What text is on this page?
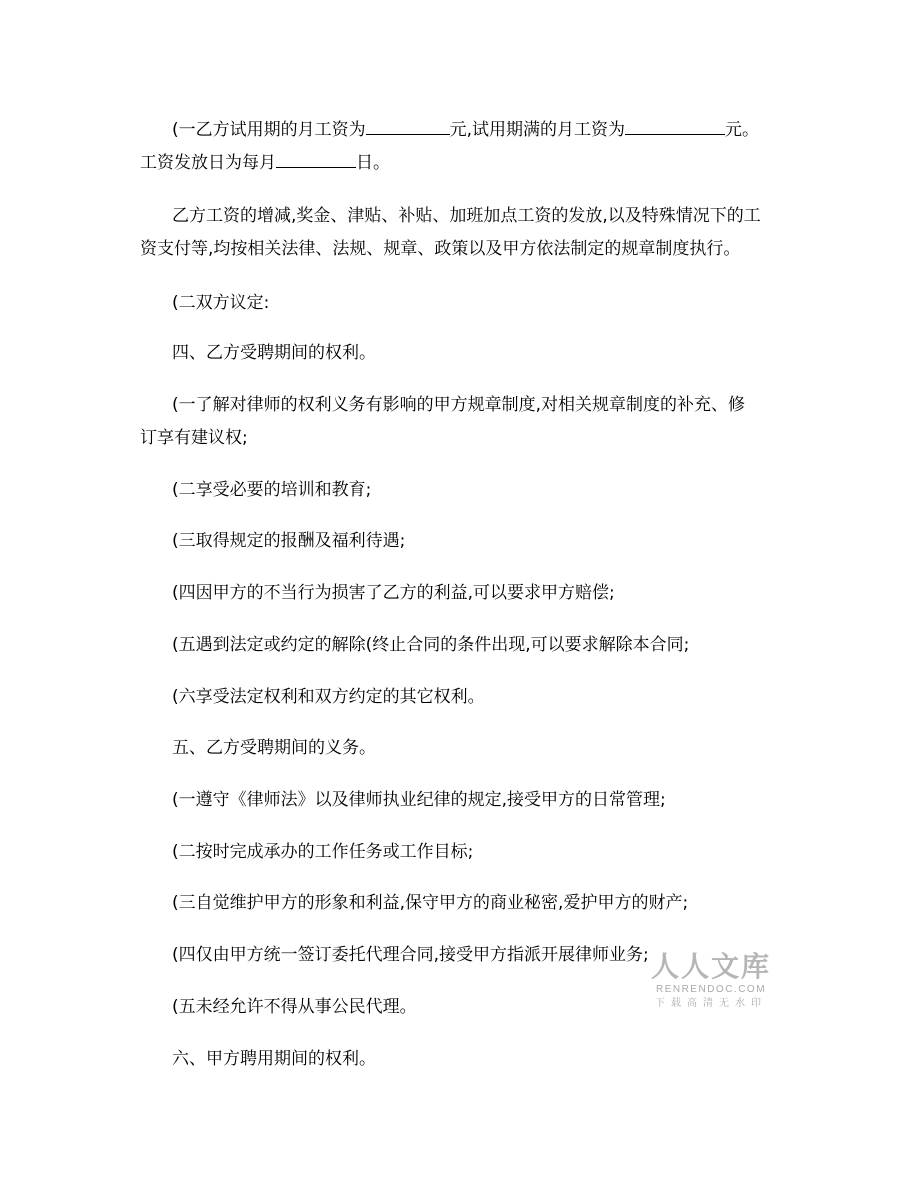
(一乙方试用期的月工资为	元,试用期满的月工资为	元。
工资发放日为每月	日。
乙方工资的增减,奖金、津贴、补贴、加班加点工资的发放,以及特殊情况下的工
资支付等,均按相关法律、法规、规章、政策以及甲方依法制定的规章制度执行。
(二双方议定:
四、乙方受聘期间的权利。
(一了解对律师的权利义务有影响的甲方规章制度,对相关规章制度的补充、修
订享有建议权;
(二享受必要的培训和教育;
(三取得规定的报酬及福利待遇;
(四因甲方的不当行为损害了乙方的利益,可以要求甲方赔偿;
(五遇到法定或约定的解除(终止合同的条件出现,可以要求解除本合同;
(六享受法定权利和双方约定的其它权利。
五、乙方受聘期间的义务。
(一遵守《律师法》以及律师执业纪律的规定,接受甲方的日常管理;
(二按时完成承办的工作任务或工作目标;
(三自觉维护甲方的形象和利益,保守甲方的商业秘密,爱护甲方的财产;
(四仅由甲方统一签订委托代理合同,接受甲方指派开展律师业务;
(五未经允许不得从事公民代理。
六、甲方聘用期间的权利。
人人文库
RENRENDOC.COM
下载高清无水印
